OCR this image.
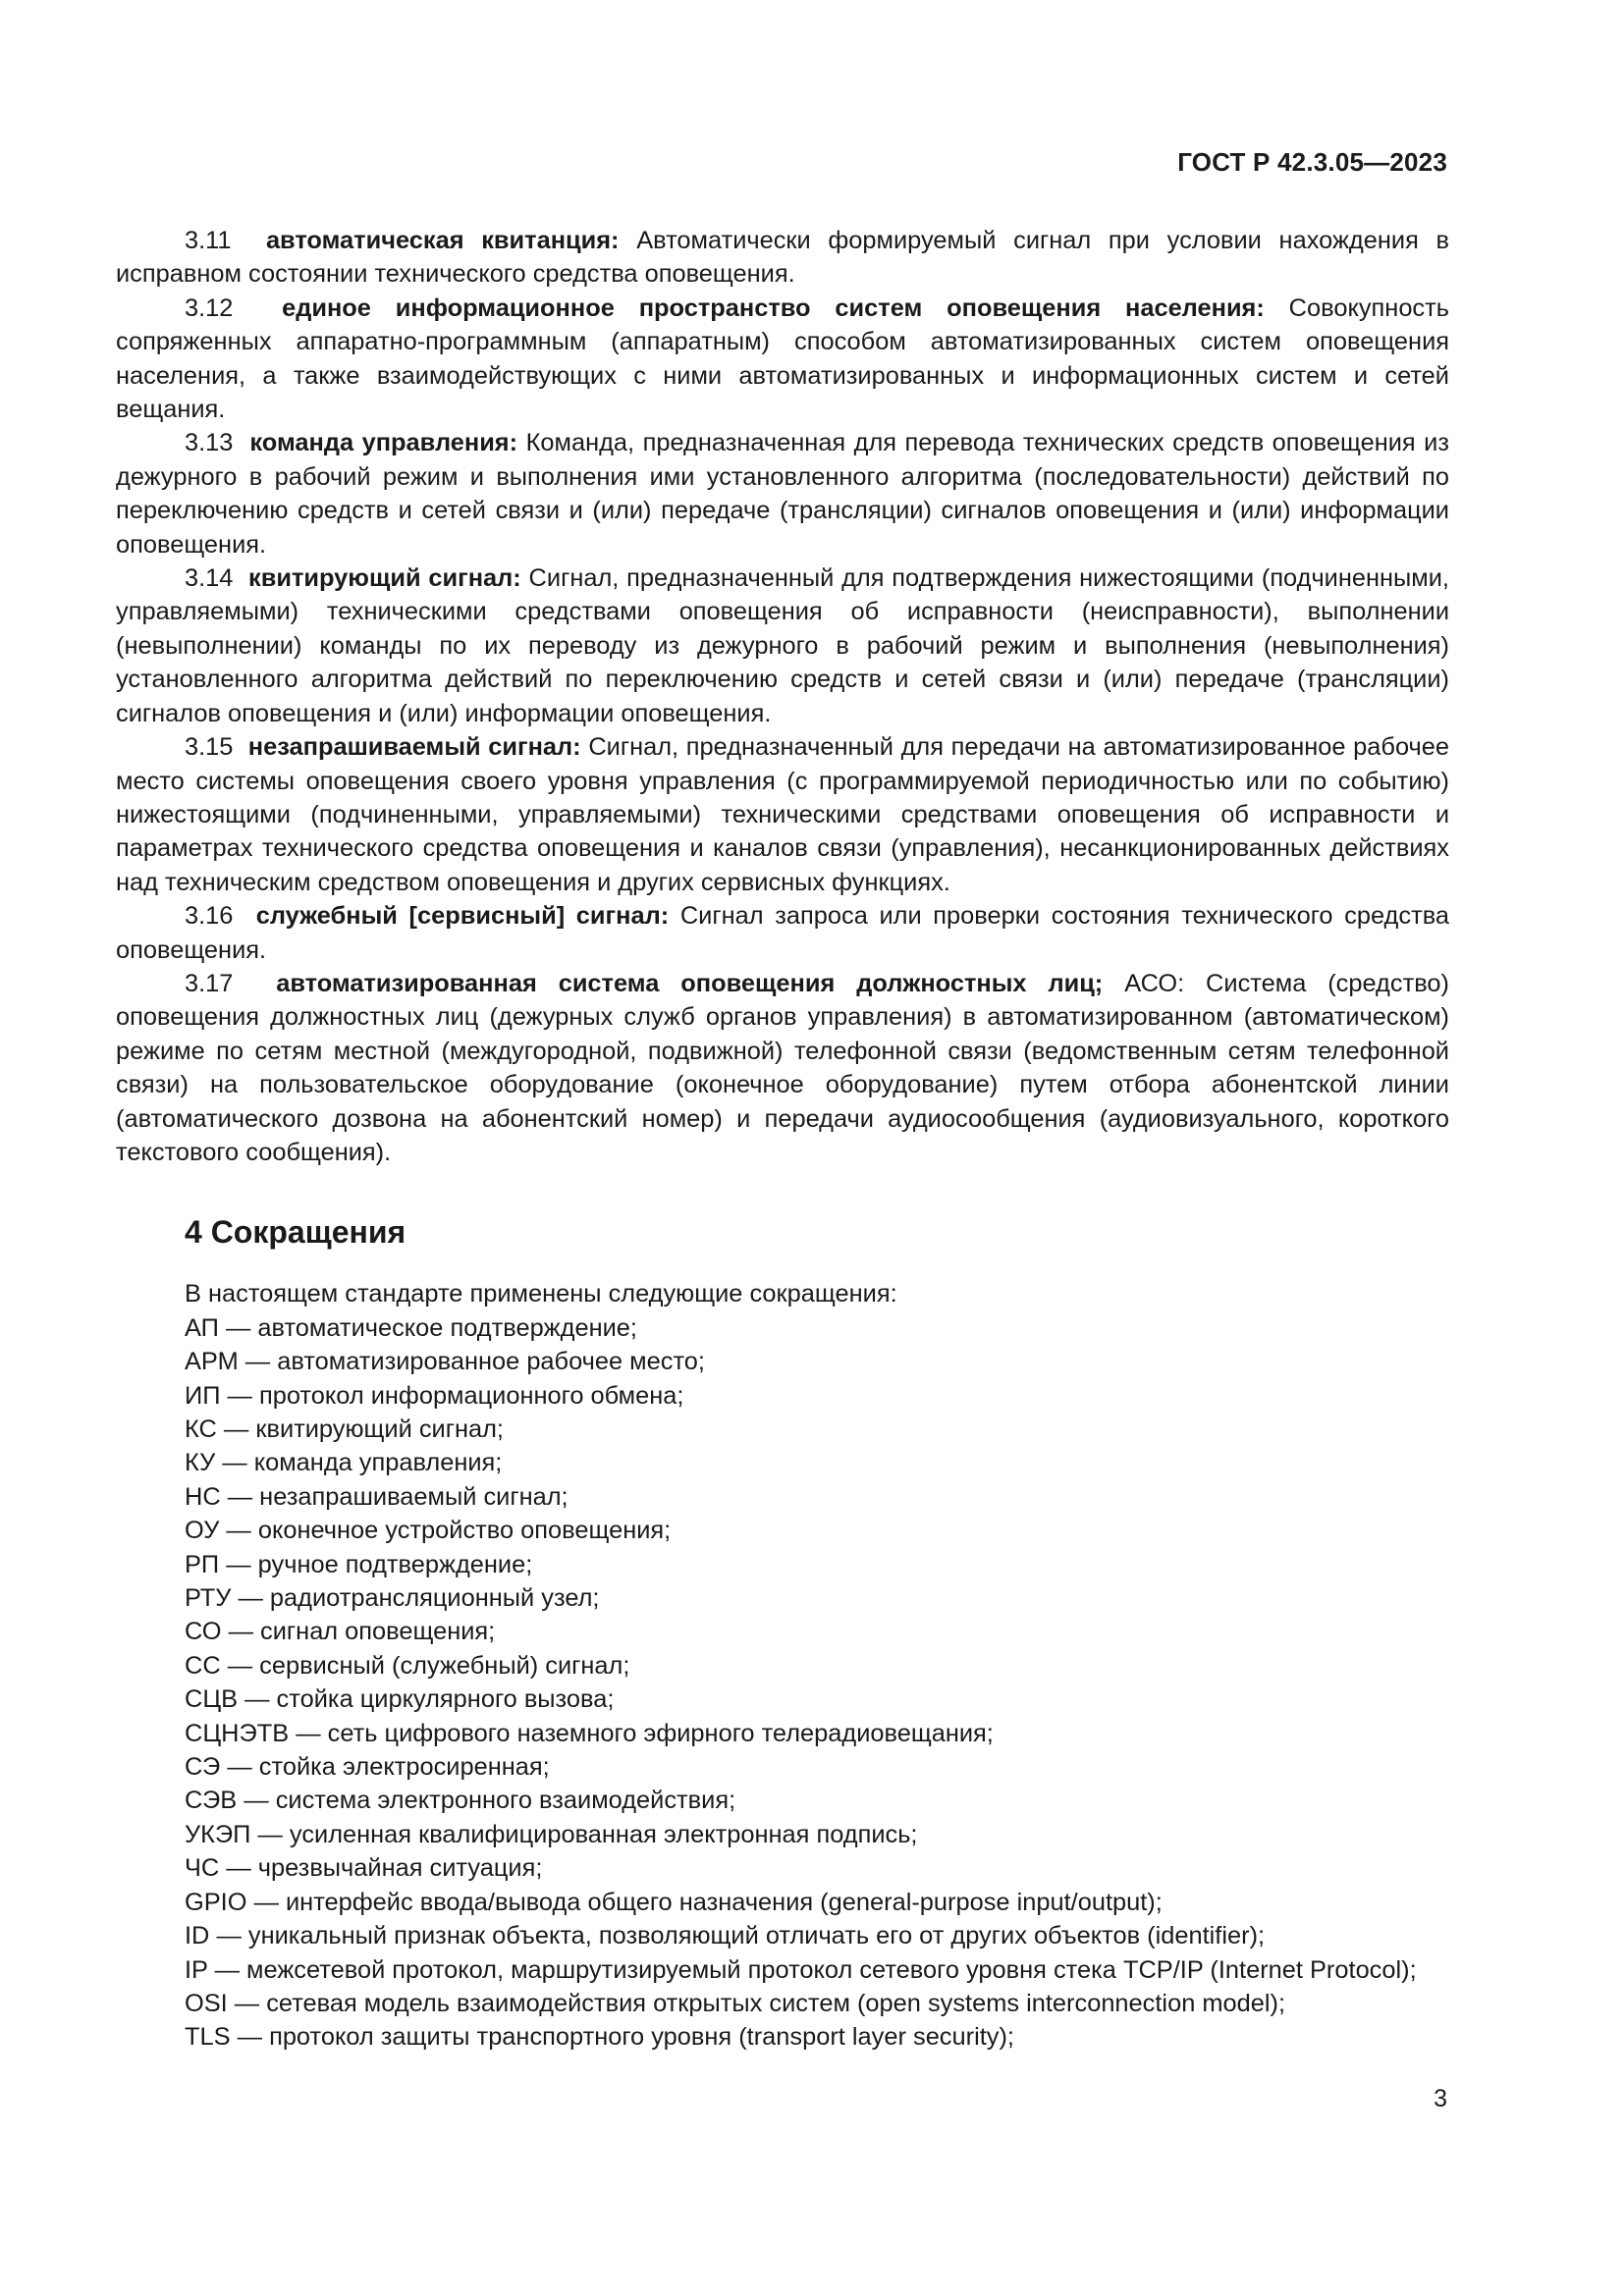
ГОСТ Р 42.3.05—2023

3.11 автоматическая квитанция: Автоматически формируемый сигнал при условии нахождения в исправном состоянии технического средства оповещения.

3.12 единое информационное пространство систем оповещения населения: Совокупность сопряженных аппаратно-программным (аппаратным) способом автоматизированных систем оповещения населения, а также взаимодействующих с ними автоматизированных и информационных систем и сетей вещания.

3.13 команда управления: Команда, предназначенная для перевода технических средств оповещения из дежурного в рабочий режим и выполнения ими установленного алгоритма (последовательности) действий по переключению средств и сетей связи и (или) передаче (трансляции) сигналов оповещения и (или) информации оповещения.

3.14 квитирующий сигнал: Сигнал, предназначенный для подтверждения нижестоящими (подчиненными, управляемыми) техническими средствами оповещения об исправности (неисправности), выполнении (невыполнении) команды по их переводу из дежурного в рабочий режим и выполнения (невыполнения) установленного алгоритма действий по переключению средств и сетей связи и (или) передаче (трансляции) сигналов оповещения и (или) информации оповещения.

3.15 незапрашиваемый сигнал: Сигнал, предназначенный для передачи на автоматизированное рабочее место системы оповещения своего уровня управления (с программируемой периодичностью или по событию) нижестоящими (подчиненными, управляемыми) техническими средствами оповещения об исправности и параметрах технического средства оповещения и каналов связи (управления), несанкционированных действиях над техническим средством оповещения и других сервисных функциях.

3.16 служебный [сервисный] сигнал: Сигнал запроса или проверки состояния технического средства оповещения.

3.17 автоматизированная система оповещения должностных лиц; АСО: Система (средство) оповещения должностных лиц (дежурных служб органов управления) в автоматизированном (автоматическом) режиме по сетям местной (междугородной, подвижной) телефонной связи (ведомственным сетям телефонной связи) на пользовательское оборудование (оконечное оборудование) путем отбора абонентской линии (автоматического дозвона на абонентский номер) и передачи аудиосообщения (аудиовизуального, короткого текстового сообщения).

4 Сокращения

В настоящем стандарте применены следующие сокращения:

АП — автоматическое подтверждение;
АРМ — автоматизированное рабочее место;
ИП — протокол информационного обмена;
КС — квитирующий сигнал;
КУ — команда управления;
НС — незапрашиваемый сигнал;
ОУ — оконечное устройство оповещения;
РП — ручное подтверждение;
РТУ — радиотрансляционный узел;
СО — сигнал оповещения;
СС — сервисный (служебный) сигнал;
СЦВ — стойка циркулярного вызова;
СЦНЭТВ — сеть цифрового наземного эфирного телерадиовещания;
СЭ — стойка электросиренная;
СЭВ — система электронного взаимодействия;
УКЭП — усиленная квалифицированная электронная подпись;
ЧС — чрезвычайная ситуация;
GPIO — интерфейс ввода/вывода общего назначения (general-purpose input/output);
ID — уникальный признак объекта, позволяющий отличать его от других объектов (identifier);
IP — межсетевой протокол, маршрутизируемый протокол сетевого уровня стека TCP/IP (Internet Protocol);
OSI — сетевая модель взаимодействия открытых систем (open systems interconnection model);
TLS — протокол защиты транспортного уровня (transport layer security);
3
